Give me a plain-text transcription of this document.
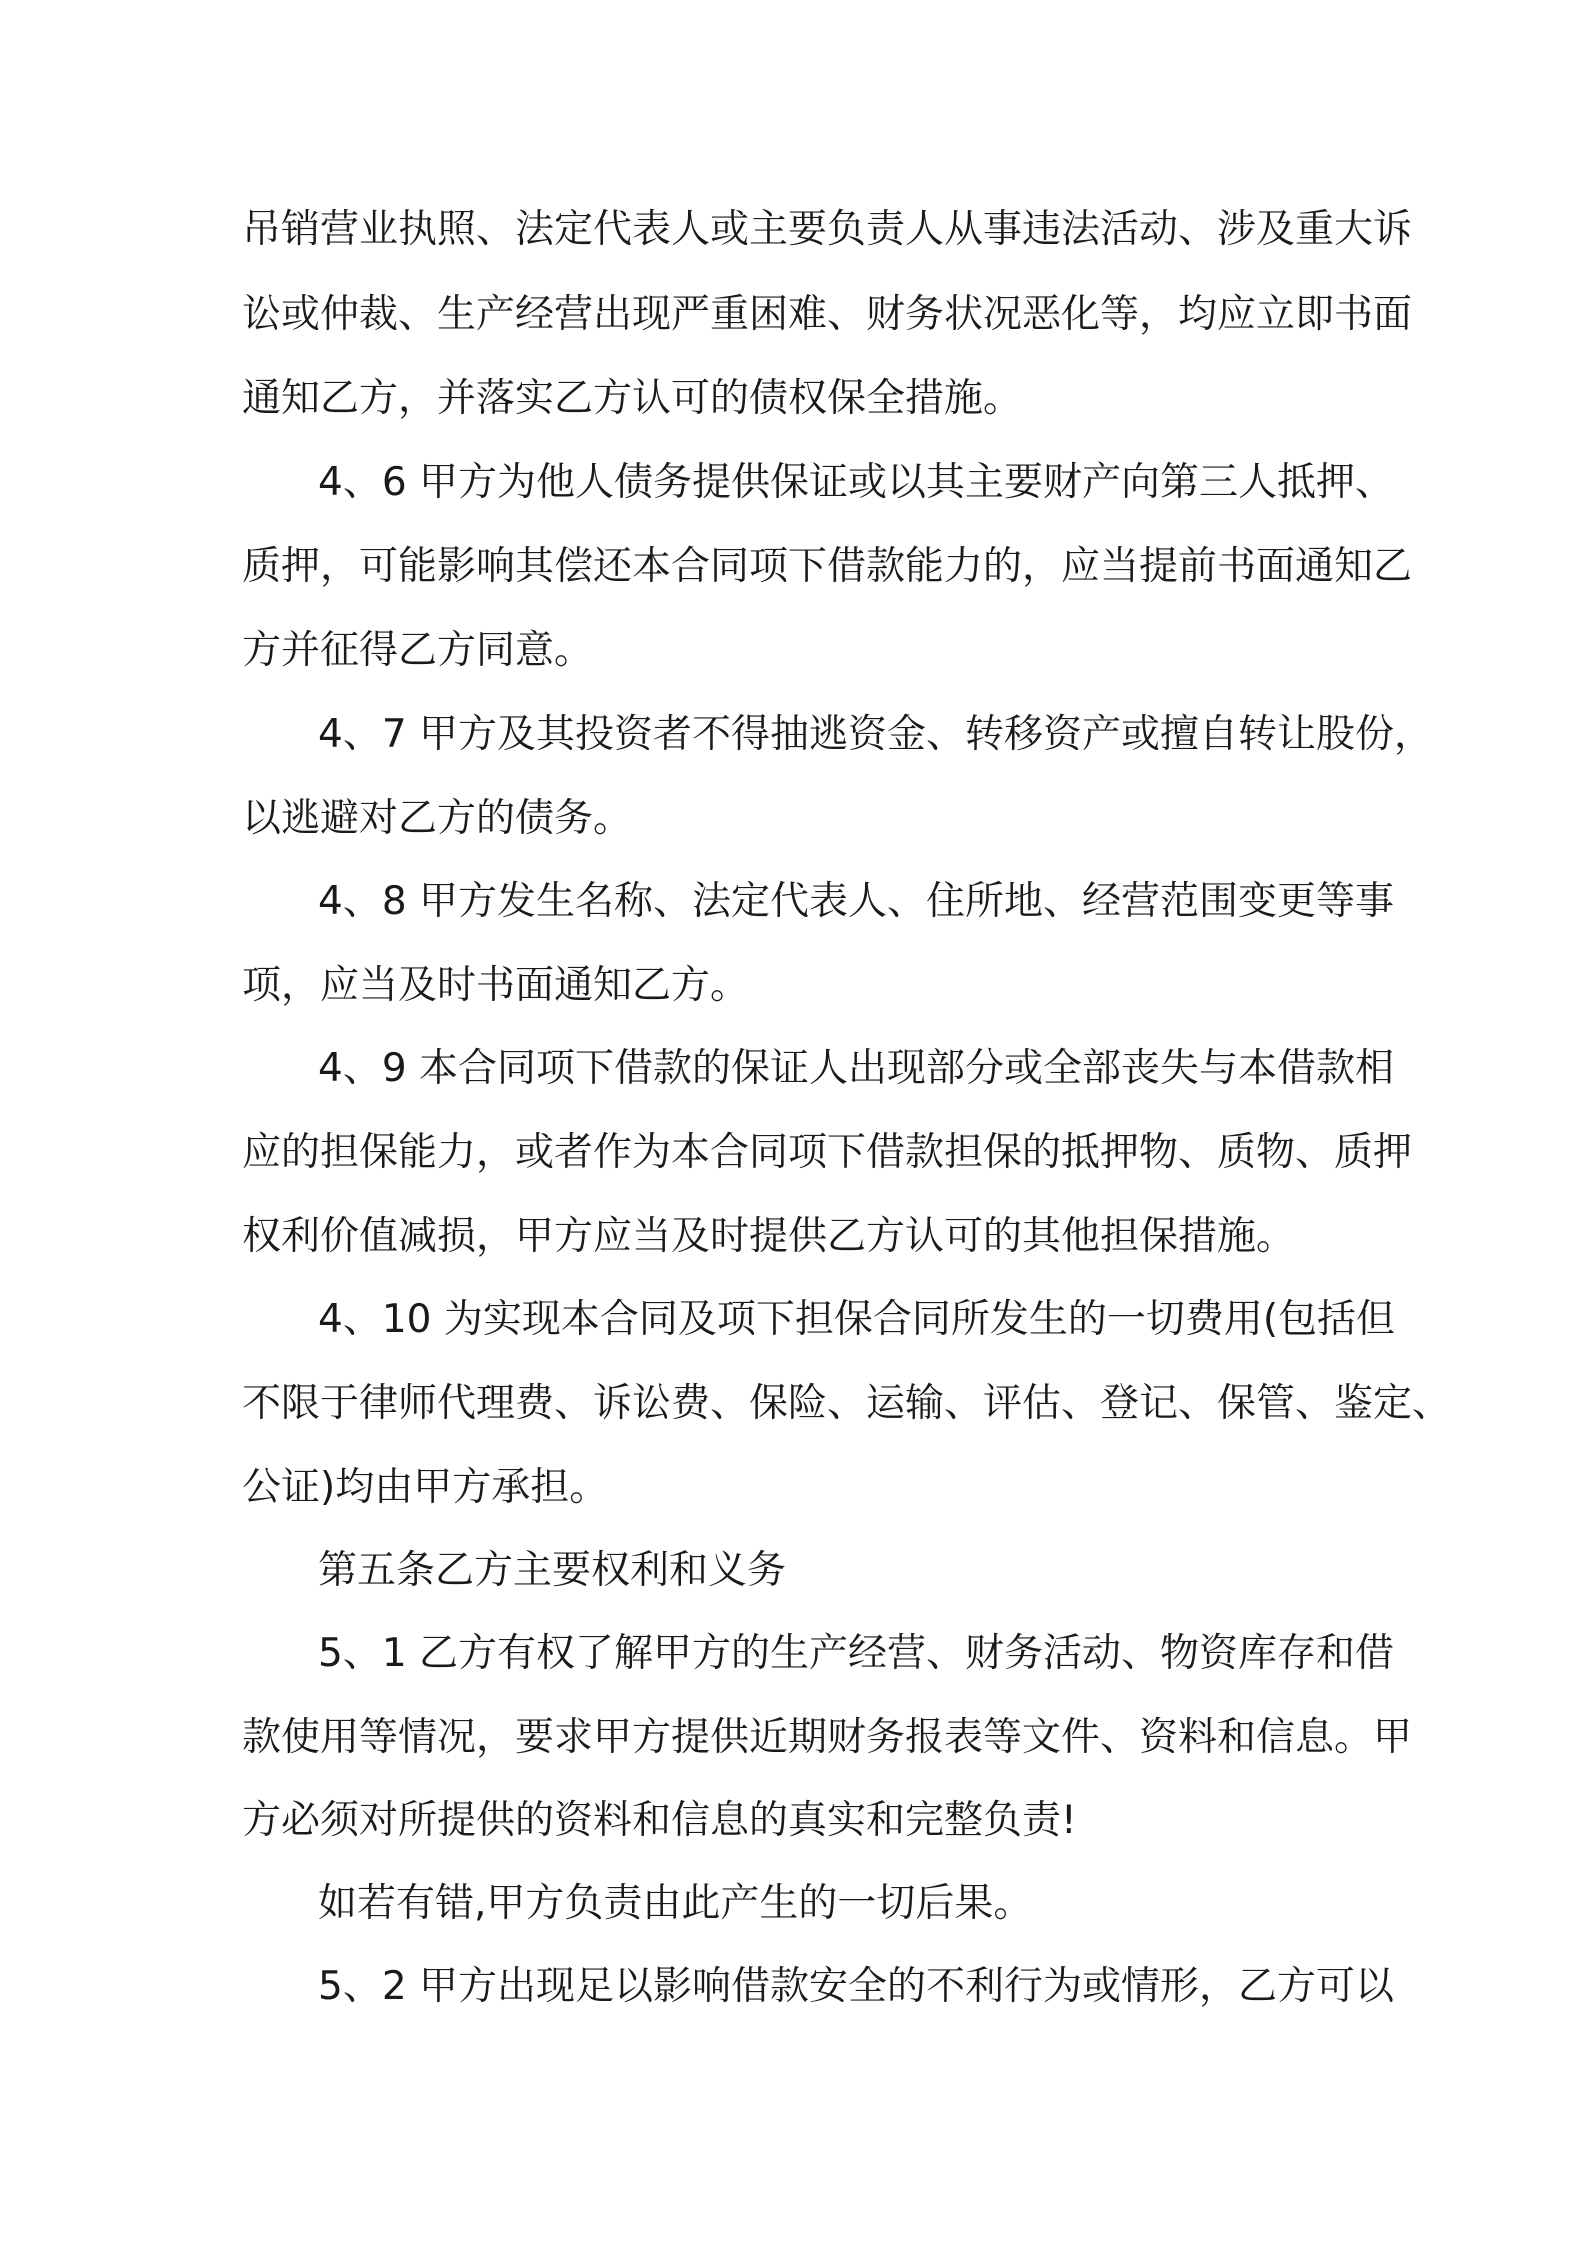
吊销营业执照、法定代表人或主要负责人从事违法活动、涉及重大诉
讼或仲裁、生产经营出现严重困难、财务状况恶化等，均应立即书面
通知乙方，并落实乙方认可的债权保全措施。
4、6 甲方为他人债务提供保证或以其主要财产向第三人抵押、
质押，可能影响其偿还本合同项下借款能力的，应当提前书面通知乙
方并征得乙方同意。
4、7 甲方及其投资者不得抽逃资金、转移资产或擅自转让股份，
以逃避对乙方的债务。
4、8 甲方发生名称、法定代表人、住所地、经营范围变更等事
项，应当及时书面通知乙方。
4、9 本合同项下借款的保证人出现部分或全部丧失与本借款相
应的担保能力，或者作为本合同项下借款担保的抵押物、质物、质押
权利价值减损，甲方应当及时提供乙方认可的其他担保措施。
4、10 为实现本合同及项下担保合同所发生的一切费用(包括但
不限于律师代理费、诉讼费、保险、运输、评估、登记、保管、鉴定、
公证)均由甲方承担。
第五条乙方主要权利和义务
5、1 乙方有权了解甲方的生产经营、财务活动、物资库存和借
款使用等情况，要求甲方提供近期财务报表等文件、资料和信息。甲
方必须对所提供的资料和信息的真实和完整负责!
如若有错,甲方负责由此产生的一切后果。
5、2 甲方出现足以影响借款安全的不利行为或情形，乙方可以
